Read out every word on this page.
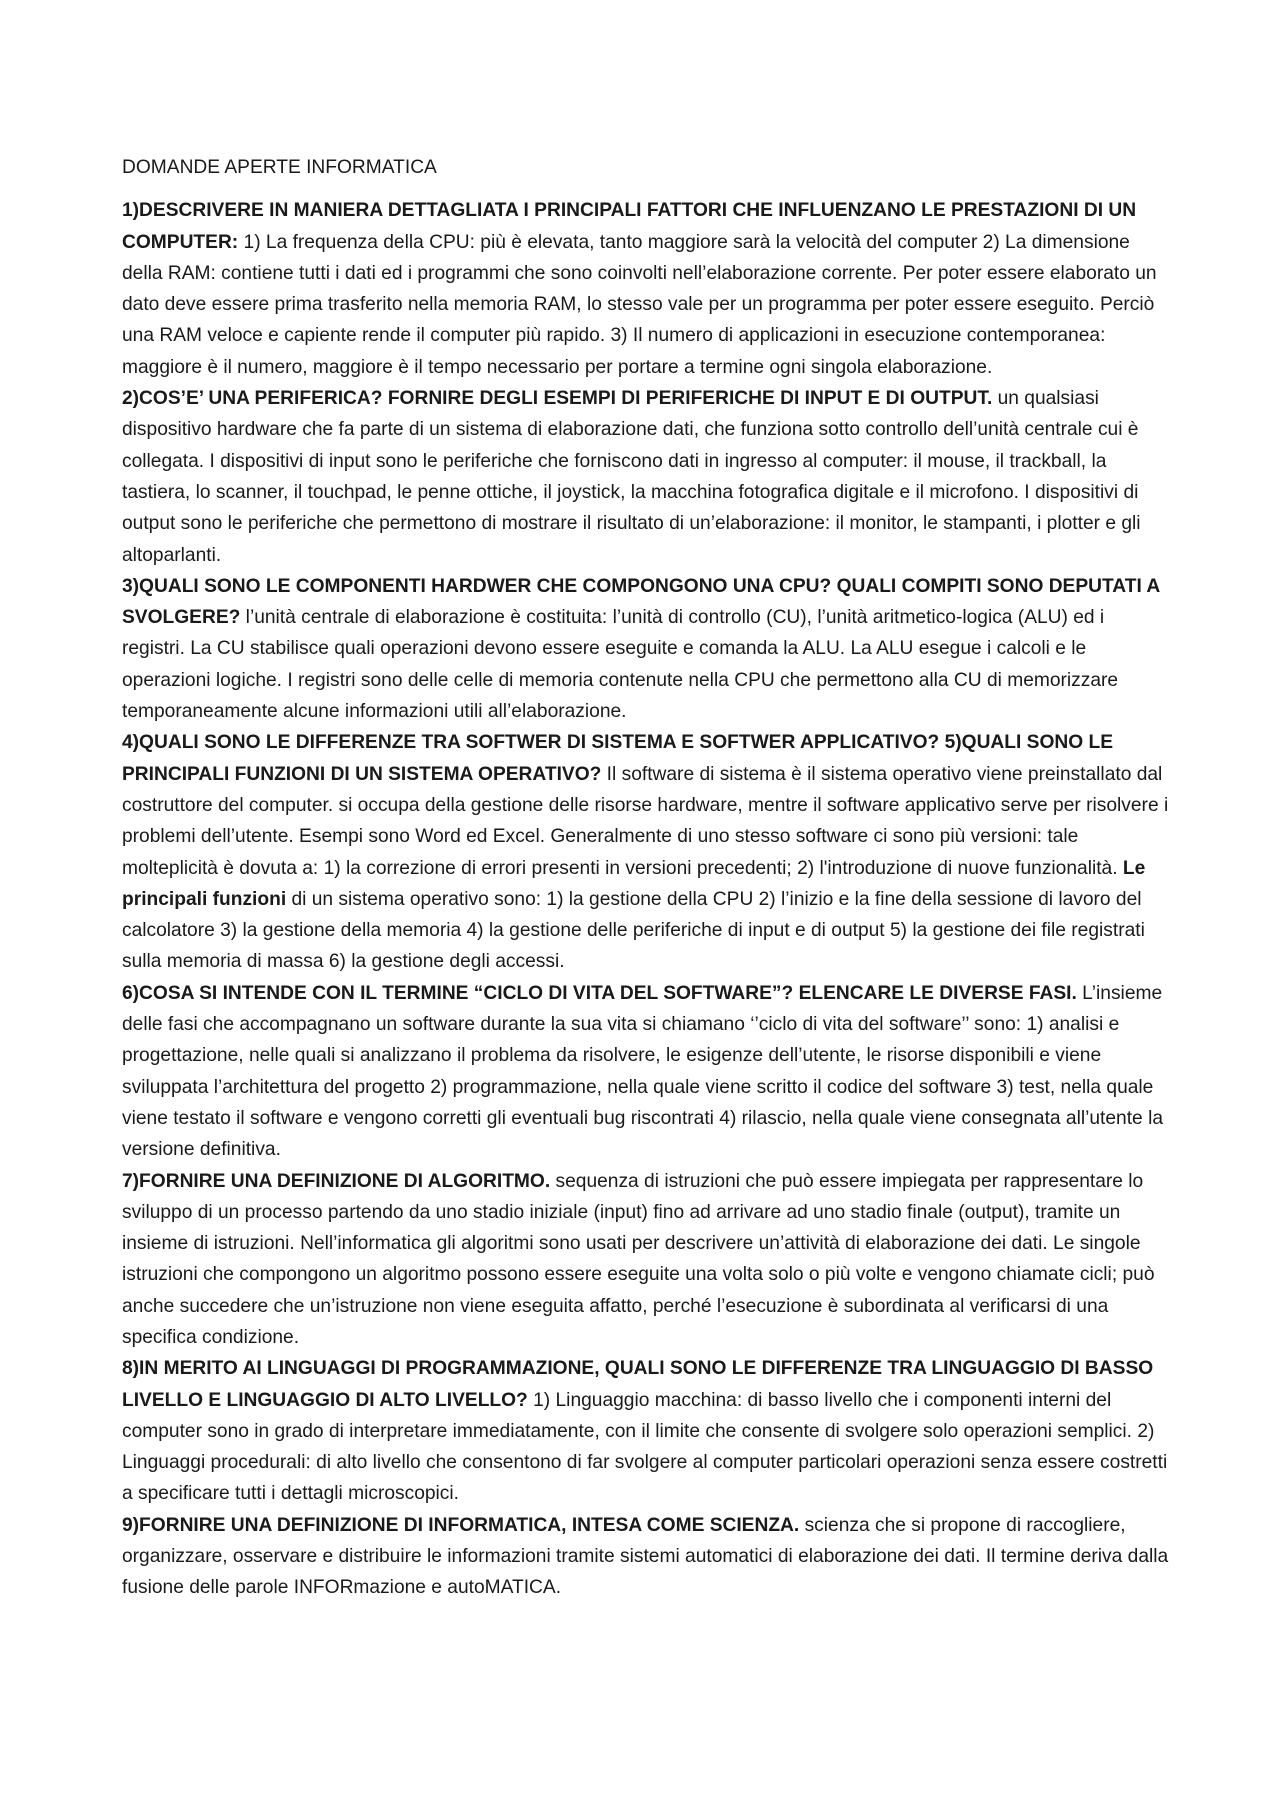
DOMANDE APERTE INFORMATICA

1)DESCRIVERE IN MANIERA DETTAGLIATA I PRINCIPALI FATTORI CHE INFLUENZANO LE PRESTAZIONI DI UN COMPUTER: 1) La frequenza della CPU: più è elevata, tanto maggiore sarà la velocità del computer 2) La dimensione della RAM: contiene tutti i dati ed i programmi che sono coinvolti nell’elaborazione corrente. Per poter essere elaborato un dato deve essere prima trasferito nella memoria RAM, lo stesso vale per un programma per poter essere eseguito. Perciò una RAM veloce e capiente rende il computer più rapido. 3) Il numero di applicazioni in esecuzione contemporanea: maggiore è il numero, maggiore è il tempo necessario per portare a termine ogni singola elaborazione.

2)COS’E’ UNA PERIFERICA? FORNIRE DEGLI ESEMPI DI PERIFERICHE DI INPUT E DI OUTPUT. un qualsiasi dispositivo hardware che fa parte di un sistema di elaborazione dati, che funziona sotto controllo dell’unità centrale cui è collegata. I dispositivi di input sono le periferiche che forniscono dati in ingresso al computer: il mouse, il trackball, la tastiera, lo scanner, il touchpad, le penne ottiche, il joystick, la macchina fotografica digitale e il microfono. I dispositivi di output sono le periferiche che permettono di mostrare il risultato di un’elaborazione: il monitor, le stampanti, i plotter e gli altoparlanti.

3)QUALI SONO LE COMPONENTI HARDWER CHE COMPONGONO UNA CPU? QUALI COMPITI SONO DEPUTATI A SVOLGERE? l’unità centrale di elaborazione è costituita: l’unità di controllo (CU), l’unità aritmetico-logica (ALU) ed i registri. La CU stabilisce quali operazioni devono essere eseguite e comanda la ALU. La ALU esegue i calcoli e le operazioni logiche. I registri sono delle celle di memoria contenute nella CPU che permettono alla CU di memorizzare temporaneamente alcune informazioni utili all’elaborazione.

4)QUALI SONO LE DIFFERENZE TRA SOFTWER DI SISTEMA E SOFTWER APPLICATIVO? 5)QUALI SONO LE PRINCIPALI FUNZIONI DI UN SISTEMA OPERATIVO? Il software di sistema è il sistema operativo viene preinstallato dal costruttore del computer. si occupa della gestione delle risorse hardware, mentre il software applicativo serve per risolvere i problemi dell’utente. Esempi sono Word ed Excel. Generalmente di uno stesso software ci sono più versioni: tale molteplicità è dovuta a: 1) la correzione di errori presenti in versioni precedenti; 2) l'introduzione di nuove funzionalità. Le principali funzioni di un sistema operativo sono: 1) la gestione della CPU 2) l’inizio e la fine della sessione di lavoro del calcolatore 3) la gestione della memoria 4) la gestione delle periferiche di input e di output 5) la gestione dei file registrati sulla memoria di massa 6) la gestione degli accessi.

6)COSA SI INTENDE CON IL TERMINE “CICLO DI VITA DEL SOFTWARE”? ELENCARE LE DIVERSE FASI. L’insieme delle fasi che accompagnano un software durante la sua vita si chiamano ‘’ciclo di vita del software’’ sono: 1) analisi e progettazione, nelle quali si analizzano il problema da risolvere, le esigenze dell’utente, le risorse disponibili e viene sviluppata l’architettura del progetto 2) programmazione, nella quale viene scritto il codice del software 3) test, nella quale viene testato il software e vengono corretti gli eventuali bug riscontrati 4) rilascio, nella quale viene consegnata all’utente la versione definitiva.

7)FORNIRE UNA DEFINIZIONE DI ALGORITMO. sequenza di istruzioni che può essere impiegata per rappresentare lo sviluppo di un processo partendo da uno stadio iniziale (input) fino ad arrivare ad uno stadio finale (output), tramite un insieme di istruzioni. Nell’informatica gli algoritmi sono usati per descrivere un’attività di elaborazione dei dati. Le singole istruzioni che compongono un algoritmo possono essere eseguite una volta solo o più volte e vengono chiamate cicli; può anche succedere che un’istruzione non viene eseguita affatto, perché l’esecuzione è subordinata al verificarsi di una specifica condizione.

8)IN MERITO AI LINGUAGGI DI PROGRAMMAZIONE, QUALI SONO LE DIFFERENZE TRA LINGUAGGIO DI BASSO LIVELLO E LINGUAGGIO DI ALTO LIVELLO? 1) Linguaggio macchina: di basso livello che i componenti interni del computer sono in grado di interpretare immediatamente, con il limite che consente di svolgere solo operazioni semplici. 2) Linguaggi procedurali: di alto livello che consentono di far svolgere al computer particolari operazioni senza essere costretti a specificare tutti i dettagli microscopici.

9)FORNIRE UNA DEFINIZIONE DI INFORMATICA, INTESA COME SCIENZA. scienza che si propone di raccogliere, organizzare, osservare e distribuire le informazioni tramite sistemi automatici di elaborazione dei dati. Il termine deriva dalla fusione delle parole INFORmazione e autoMATICA.
